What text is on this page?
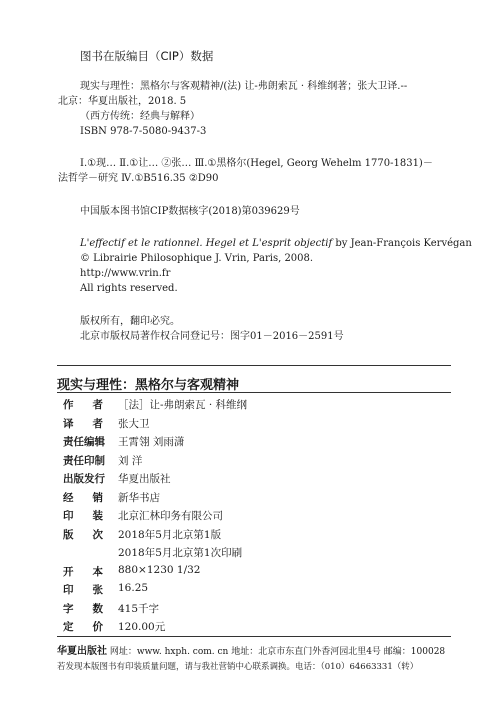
图书在版编目（CIP）数据
现实与理性：黑格尔与客观精神/(法) 让-弗朗索瓦 · 科维纲著；张大卫译.--
北京：华夏出版社，2018. 5
（西方传统：经典与解释）
ISBN 978-7-5080-9437-3
Ⅰ.①现… Ⅱ.①让… ②张… Ⅲ.①黑格尔(Hegel, Georg Wehelm 1770-1831)－
法哲学－研究 Ⅳ.①B516.35 ②D90
中国版本图书馆CIP数据核字(2018)第039629号
L'effectif et le rationnel. Hegel et L'esprit objectif by Jean-François Kervégan
© Librairie Philosophique J. Vrin, Paris, 2008.
http://www.vrin.fr
All rights reserved.
版权所有，翻印必究。
北京市版权局著作权合同登记号：图字01－2016－2591号
现实与理性：黑格尔与客观精神
作 者 ［法］让-弗朗索瓦 · 科维纲
译 者 张大卫
责 任 编 辑 王霄翎 刘雨潇
责 任 印 制 刘 洋
出 版 发 行 华夏出版社
经 销 新华书店
印 装 北京汇林印务有限公司
版 次 2018年5月北京第1版
2018年5月北京第1次印刷
开 本 880×1230 1/32
印 张 16.25
字 数 415千字
定 价 120.00元
华夏出版社 网址：www. hxph. com. cn 地址：北京市东直门外香河园北里4号 邮编：100028
若发现本版图书有印装质量问题，请与我社营销中心联系调换。电话：（010）64663331（转）
